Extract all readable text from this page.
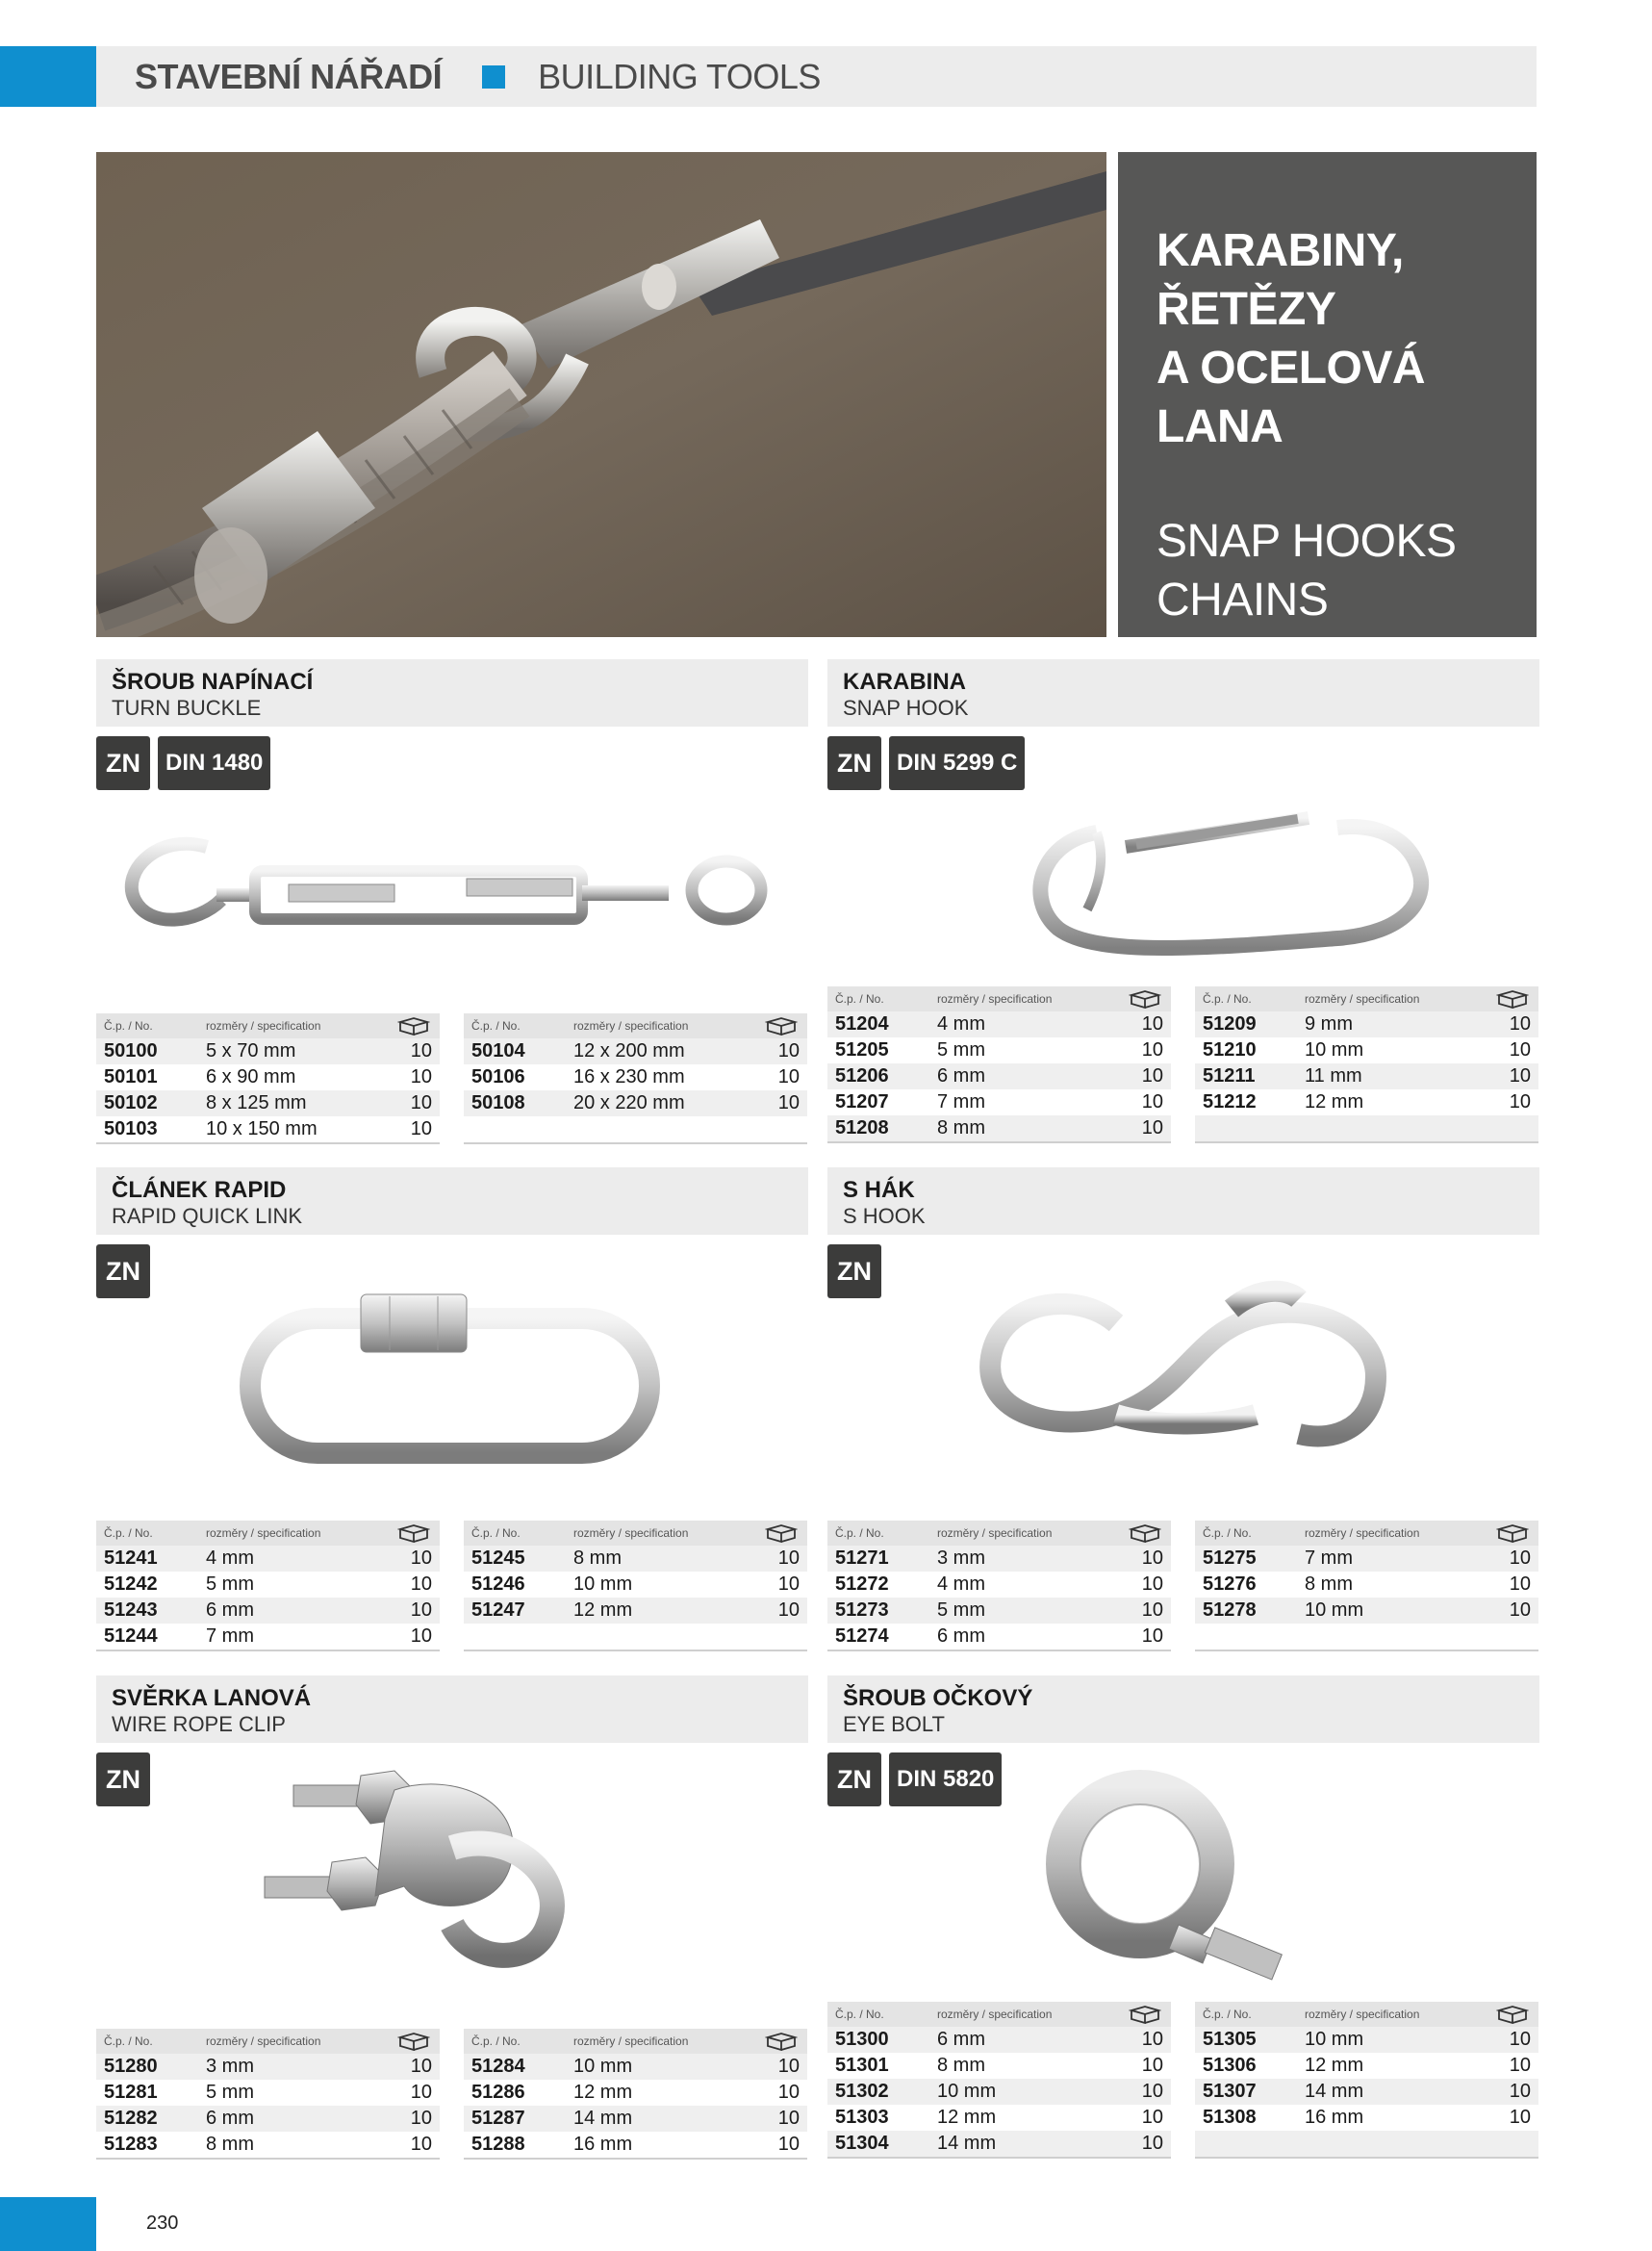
STAVEBNÍ NÁŘADÍ	BUILDING TOOLS
KARABINY, ŘETĚZY
A OCELOVÁ LANA
SNAP HOOKS
CHAINS
ŠROUB NAPÍNACÍ
TURN BUCKLE
ZN	DIN 1480
Č.p. / No.	rozměry / specification
50100	5 x 70 mm	10
50101	6 x 90 mm	10
50102	8 x 125 mm	10
50103	10 x 150 mm	10
Č.p. / No.	rozměry / specification
50104	12 x 200 mm	10
50106	16 x 230 mm	10
50108	20 x 220 mm	10
KARABINA
SNAP HOOK
ZN	DIN 5299 C
Č.p. / No.	rozměry / specification
51204	4 mm	10
51205	5 mm	10
51206	6 mm	10
51207	7 mm	10
51208	8 mm	10
Č.p. / No.	rozměry / specification
51209	9 mm	10
51210	10 mm	10
51211	11 mm	10
51212	12 mm	10
ČLÁNEK RAPID
RAPID QUICK LINK
ZN
Č.p. / No.	rozměry / specification
51241	4 mm	10
51242	5 mm	10
51243	6 mm	10
51244	7 mm	10
Č.p. / No.	rozměry / specification
51245	8 mm	10
51246	10 mm	10
51247	12 mm	10
S HÁK
S HOOK
ZN
Č.p. / No.	rozměry / specification
51271	3 mm	10
51272	4 mm	10
51273	5 mm	10
51274	6 mm	10
Č.p. / No.	rozměry / specification
51275	7 mm	10
51276	8 mm	10
51278	10 mm	10
SVĚRKA LANOVÁ
WIRE ROPE CLIP
ZN
Č.p. / No.	rozměry / specification
51280	3 mm	10
51281	5 mm	10
51282	6 mm	10
51283	8 mm	10
Č.p. / No.	rozměry / specification
51284	10 mm	10
51286	12 mm	10
51287	14 mm	10
51288	16 mm	10
ŠROUB OČKOVÝ
EYE BOLT
ZN	DIN 5820
Č.p. / No.	rozměry / specification
51300	6 mm	10
51301	8 mm	10
51302	10 mm	10
51303	12 mm	10
51304	14 mm	10
Č.p. / No.	rozměry / specification
51305	10 mm	10
51306	12 mm	10
51307	14 mm	10
51308	16 mm	10
230
